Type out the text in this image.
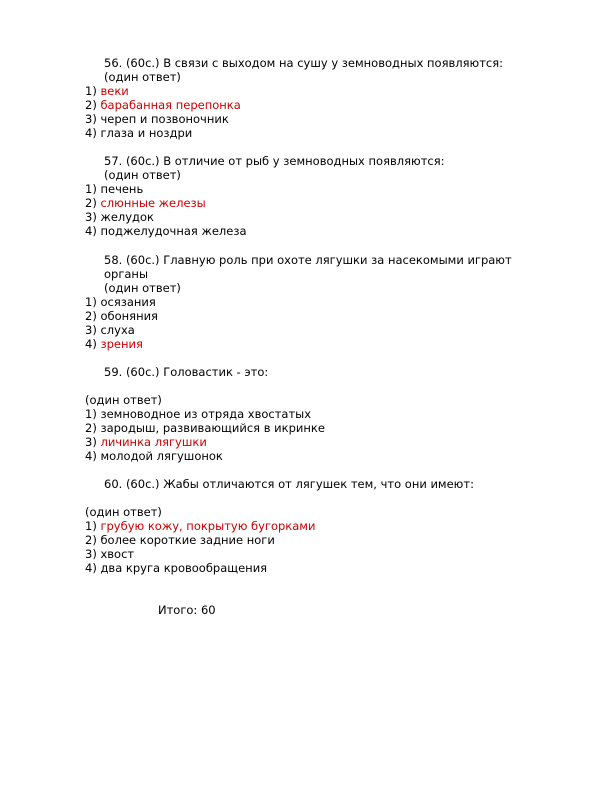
56. (60c.) В связи с выходом на сушу у земноводных появляются:
(один ответ)
1) веки
2) барабанная перепонка
3) череп и позвоночник
4) глаза и ноздри
57. (60c.) В отличие от рыб у земноводных появляются:
(один ответ)
1) печень
2) слюнные железы
3) желудок
4) поджелудочная железа
58. (60c.) Главную роль при охоте лягушки за насекомыми играют
органы
(один ответ)
1) осязания
2) обоняния
3) слуха
4) зрения
59. (60c.) Головастик - это:
(один ответ)
1) земноводное из отряда хвостатых
2) зародыш, развивающийся в икринке
3) личинка лягушки
4) молодой лягушонок
60. (60c.) Жабы отличаются от лягушек тем, что они имеют:
(один ответ)
1) грубую кожу, покрытую бугорками
2) более короткие задние ноги
3) хвост
4) два круга кровообращения
Итого: 60
